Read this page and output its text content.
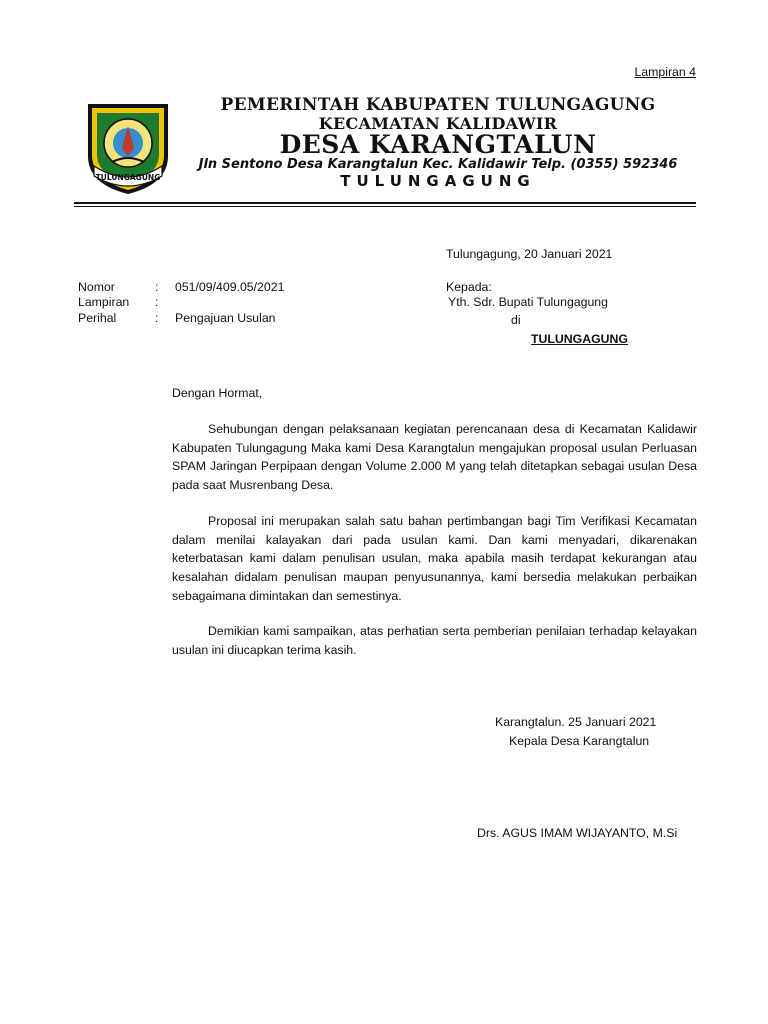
Lampiran 4
TULUNGAGUNG
PEMERINTAH KABUPATEN TULUNGAGUNG
KECAMATAN KALIDAWIR
DESA KARANGTALUN
Jln Sentono Desa Karangtalun Kec. Kalidawir Telp. (0355) 592346
TULUNGAGUNG
Tulungagung, 20 Januari 2021
Nomor	: 051/09/409.05/2021
Lampiran :
Perihal	: Pengajuan Usulan
Kepada:
Yth. Sdr. Bupati Tulungagung
di
TULUNGAGUNG
Dengan Hormat,
Sehubungan dengan pelaksanaan kegiatan perencanaan desa di Kecamatan Kalidawir Kabupaten Tulungagung Maka kami Desa Karangtalun mengajukan proposal usulan Perluasan SPAM Jaringan Perpipaan dengan Volume 2.000 M yang telah ditetapkan sebagai usulan Desa pada saat Musrenbang Desa.
Proposal ini merupakan salah satu bahan pertimbangan bagi Tim Verifikasi Kecamatan dalam menilai kalayakan dari pada usulan kami. Dan kami menyadari, dikarenakan keterbatasan kami dalam penulisan usulan, maka apabila masih terdapat kekurangan atau kesalahan didalam penulisan maupan penyusunannya, kami bersedia melakukan perbaikan sebagaimana dimintakan dan semestinya.
Demikian kami sampaikan, atas perhatian serta pemberian penilaian terhadap kelayakan usulan ini diucapkan terima kasih.
Karangtalun. 25 Januari 2021
Kepala Desa Karangtalun
Drs. AGUS IMAM WIJAYANTO, M.Si
